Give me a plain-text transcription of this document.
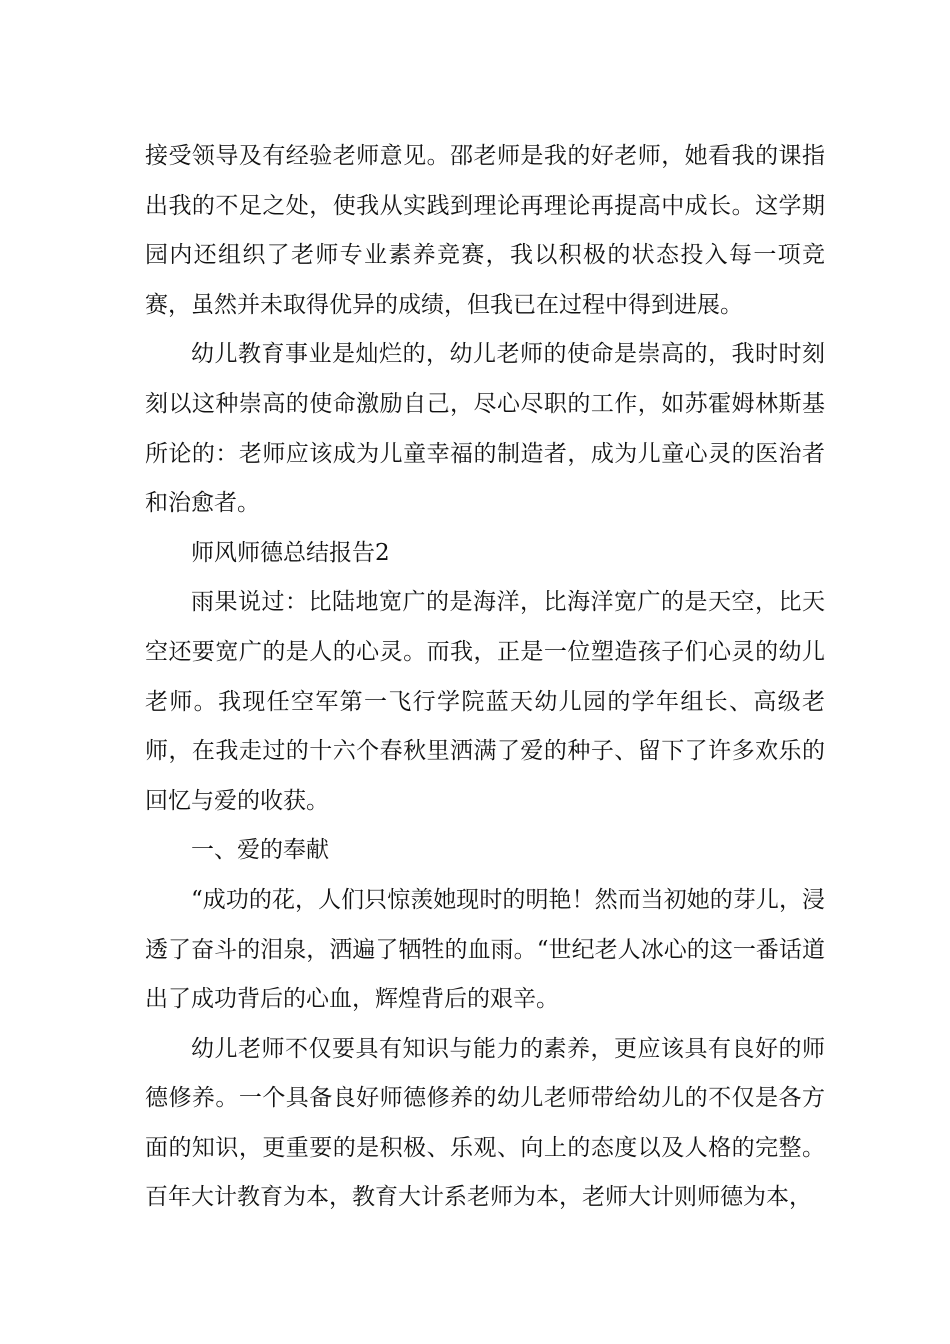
接受领导及有经验老师意见。邵老师是我的好老师，她看我的课指出我的不足之处，使我从实践到理论再理论再提高中成长。这学期园内还组织了老师专业素养竞赛，我以积极的状态投入每一项竞赛，虽然并未取得优异的成绩，但我已在过程中得到进展。

幼儿教育事业是灿烂的，幼儿老师的使命是崇高的，我时时刻刻以这种崇高的使命激励自己，尽心尽职的工作，如苏霍姆林斯基所论的：老师应该成为儿童幸福的制造者，成为儿童心灵的医治者和治愈者。

师风师德总结报告2

雨果说过：比陆地宽广的是海洋，比海洋宽广的是天空，比天空还要宽广的是人的心灵。而我，正是一位塑造孩子们心灵的幼儿老师。我现任空军第一飞行学院蓝天幼儿园的学年组长、高级老师，在我走过的十六个春秋里洒满了爱的种子、留下了许多欢乐的回忆与爱的收获。

一、爱的奉献

“成功的花，人们只惊羡她现时的明艳！然而当初她的芽儿，浸透了奋斗的泪泉，洒遍了牺牲的血雨。“世纪老人冰心的这一番话道出了成功背后的心血，辉煌背后的艰辛。

幼儿老师不仅要具有知识与能力的素养，更应该具有良好的师德修养。一个具备良好师德修养的幼儿老师带给幼儿的不仅是各方面的知识，更重要的是积极、乐观、向上的态度以及人格的完整。百年大计教育为本，教育大计系老师为本，老师大计则师德为本，
